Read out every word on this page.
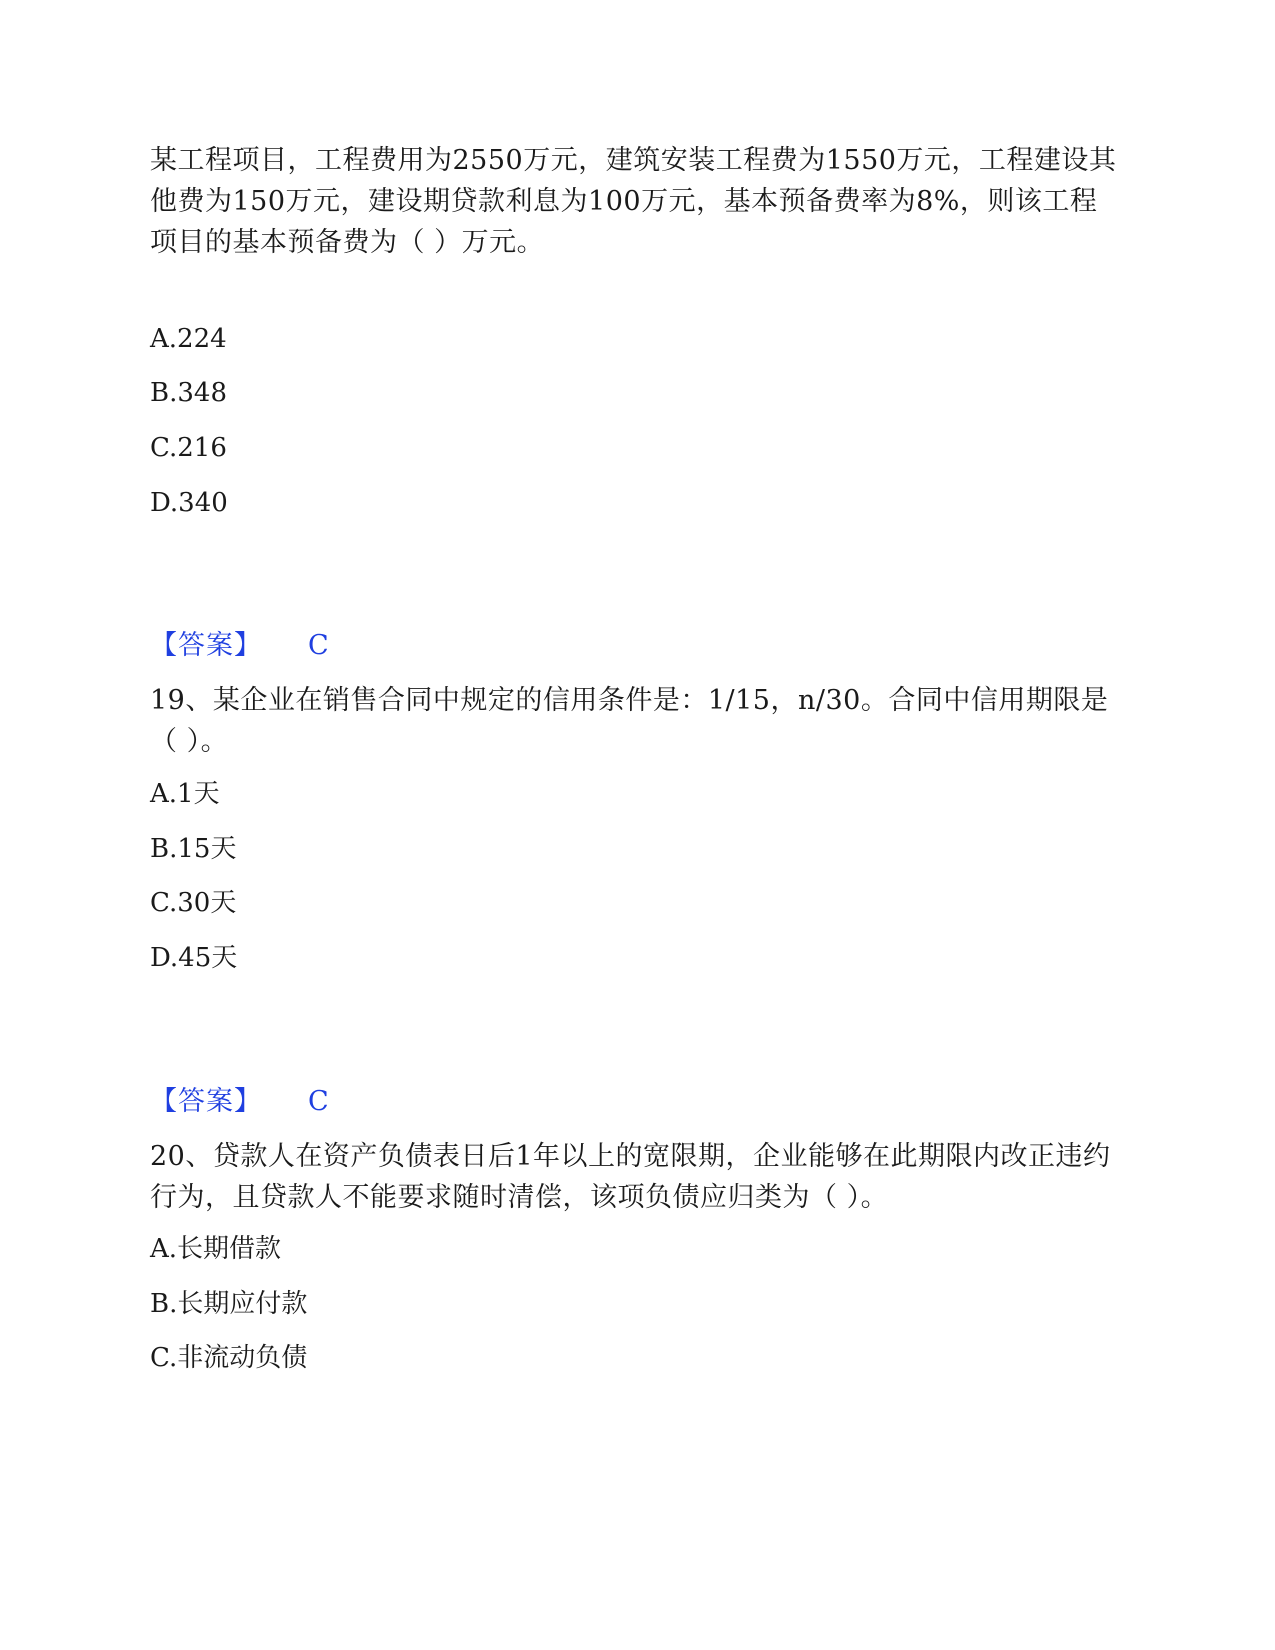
某工程项目，工程费用为2550万元，建筑安装工程费为1550万元，工程建设其他费为150万元，建设期贷款利息为100万元，基本预备费率为8%，则该工程项目的基本预备费为（ ）万元。
A.224
B.348
C.216
D.340
【答案】 C
19、某企业在销售合同中规定的信用条件是：1/15，n/30。合同中信用期限是（ ）。
A.1天
B.15天
C.30天
D.45天
【答案】 C
20、贷款人在资产负债表日后1年以上的宽限期，企业能够在此期限内改正违约行为，且贷款人不能要求随时清偿，该项负债应归类为（ ）。
A.长期借款
B.长期应付款
C.非流动负债
